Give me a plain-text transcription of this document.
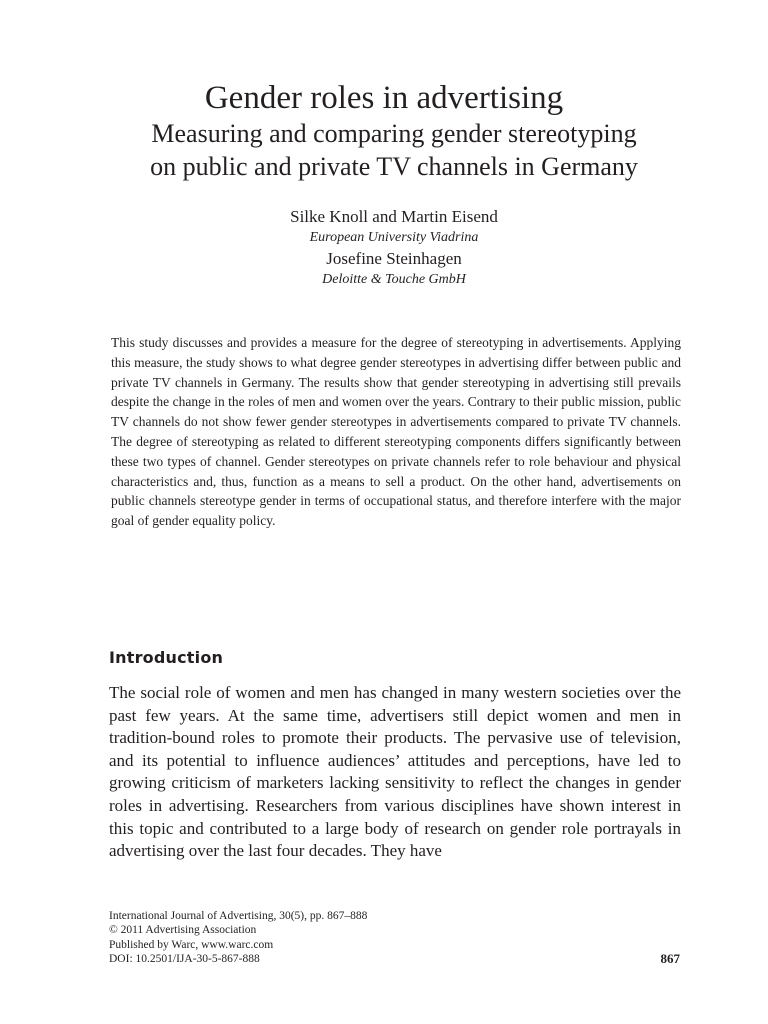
Gender roles in advertising
Measuring and comparing gender stereotyping
on public and private TV channels in Germany
Silke Knoll and Martin Eisend
European University Viadrina
Josefine Steinhagen
Deloitte & Touche GmbH

This study discusses and provides a measure for the degree of stereotyping in advertisements. Applying this measure, the study shows to what degree gender stereotypes in advertising differ between public and private TV channels in Germany. The results show that gender stereotyping in advertising still prevails despite the change in the roles of men and women over the years. Contrary to their public mission, public TV channels do not show fewer gender stereotypes in advertisements compared to private TV channels. The degree of stereotyping as related to different stereotyping components differs significantly between these two types of channel. Gender stereotypes on private channels refer to role behaviour and physical characteristics and, thus, function as a means to sell a product. On the other hand, advertisements on public channels stereotype gender in terms of occupational status, and therefore interfere with the major goal of gender equality policy.

Introduction

The social role of women and men has changed in many western societies over the past few years. At the same time, advertisers still depict women and men in tradition-bound roles to promote their products. The pervasive use of television, and its potential to influence audiences’ attitudes and perceptions, have led to growing criticism of marketers lacking sensitivity to reflect the changes in gender roles in advertising. Researchers from various disciplines have shown interest in this topic and contributed to a large body of research on gender role portrayals in advertising over the last four decades. They have

International Journal of Advertising, 30(5), pp. 867–888
© 2011 Advertising Association
Published by Warc, www.warc.com
DOI: 10.2501/IJA-30-5-867-888	867
